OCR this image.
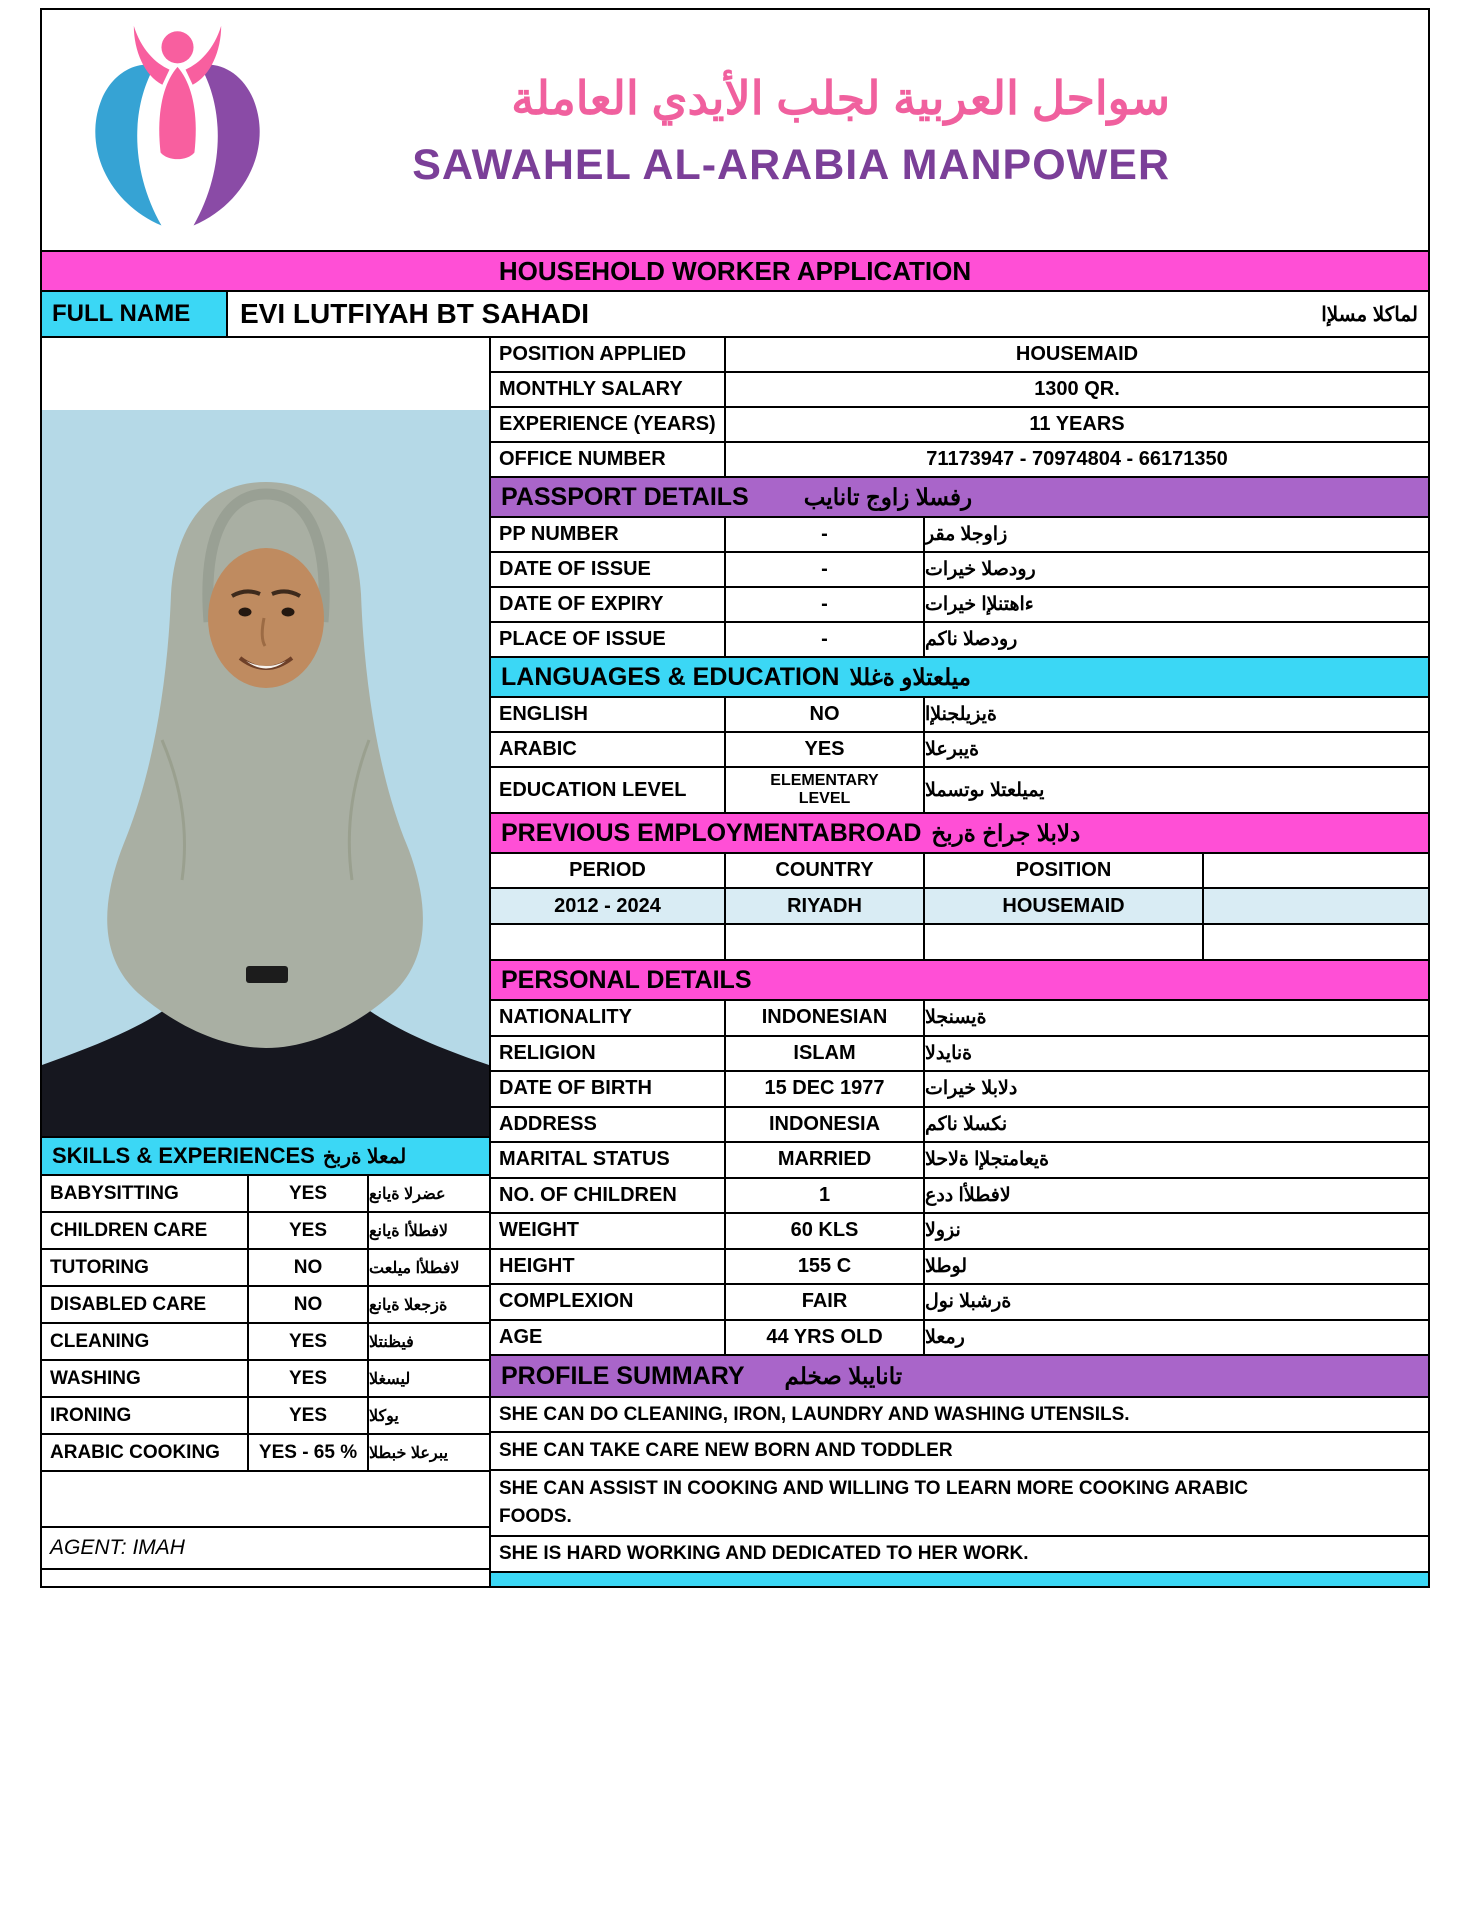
سواحل العربية لجلب الأيدي العاملة
SAWAHEL AL-ARABIA MANPOWER
HOUSEHOLD WORKER APPLICATION
FULL NAME	EVI LUTFIYAH BT SAHADI	لماكلا مسلإا
SKILLS & EXPERIENCES لمعلا ةربخ
BABYSITTING	YES	عضرلا ةيانع
CHILDREN CARE	YES	لافطلأا ةيانع
TUTORING	NO	لافطلأا ميلعت
DISABLED CARE	NO	ةزجعلا ةيانع
CLEANING	YES	فيظنتلا
WASHING	YES	ليسغلا
IRONING	YES	يوكلا
ARABIC COOKING	YES - 65 % يبرعلا خبطلا
AGENT: IMAH
POSITION APPLIED	HOUSEMAID
MONTHLY SALARY	1300 QR.
EXPERIENCE (YEARS)	11 YEARS
OFFICE NUMBER	71173947 - 70974804 - 66171350
PASSPORT DETAILS رفسلا زاوج تانايب
PP NUMBER	-	زاوجلا مقر
DATE OF ISSUE	-	رودصلا خيرات
DATE OF EXPIRY	-	ءاهتنلإا خيرات
PLACE OF ISSUE	-	رودصلا ناكم
LANGUAGES & EDUCATION ميلعتلاو ةغللا
ENGLISH	NO	ةيزيلجنلإا
ARABIC	YES	ةيبرعلا
EDUCATION LEVEL	ELEMENTARY LEVEL	يميلعتلا ىوتسملا
PREVIOUS EMPLOYMENTABROAD دلابلا جراخ ةربخ
PERIOD	COUNTRY	POSITION
2012 - 2024	RIYADH	HOUSEMAID
PERSONAL DETAILS
NATIONALITY	INDONESIAN	ةيسنجلا
RELIGION	ISLAM	ةنايدلا
DATE OF BIRTH	15 DEC 1977	دلابلا خيرات
ADDRESS	INDONESIA	نكسلا ناكم
MARITAL STATUS	MARRIED	ةيعامتجلإا ةلاحلا
NO. OF CHILDREN	1	لافطلأا ددع
WEIGHT	60 KLS	نزولا
HEIGHT	155 C	لوطلا
COMPLEXION	FAIR	ةرشبلا نول
AGE	44 YRS OLD	رمعلا
PROFILE SUMMARY تانايبلا صخلم
SHE CAN DO CLEANING, IRON, LAUNDRY AND WASHING UTENSILS.
SHE CAN TAKE CARE NEW BORN AND TODDLER
SHE CAN ASSIST IN COOKING AND WILLING TO LEARN MORE COOKING ARABIC FOODS.
SHE IS HARD WORKING AND DEDICATED TO HER WORK.
